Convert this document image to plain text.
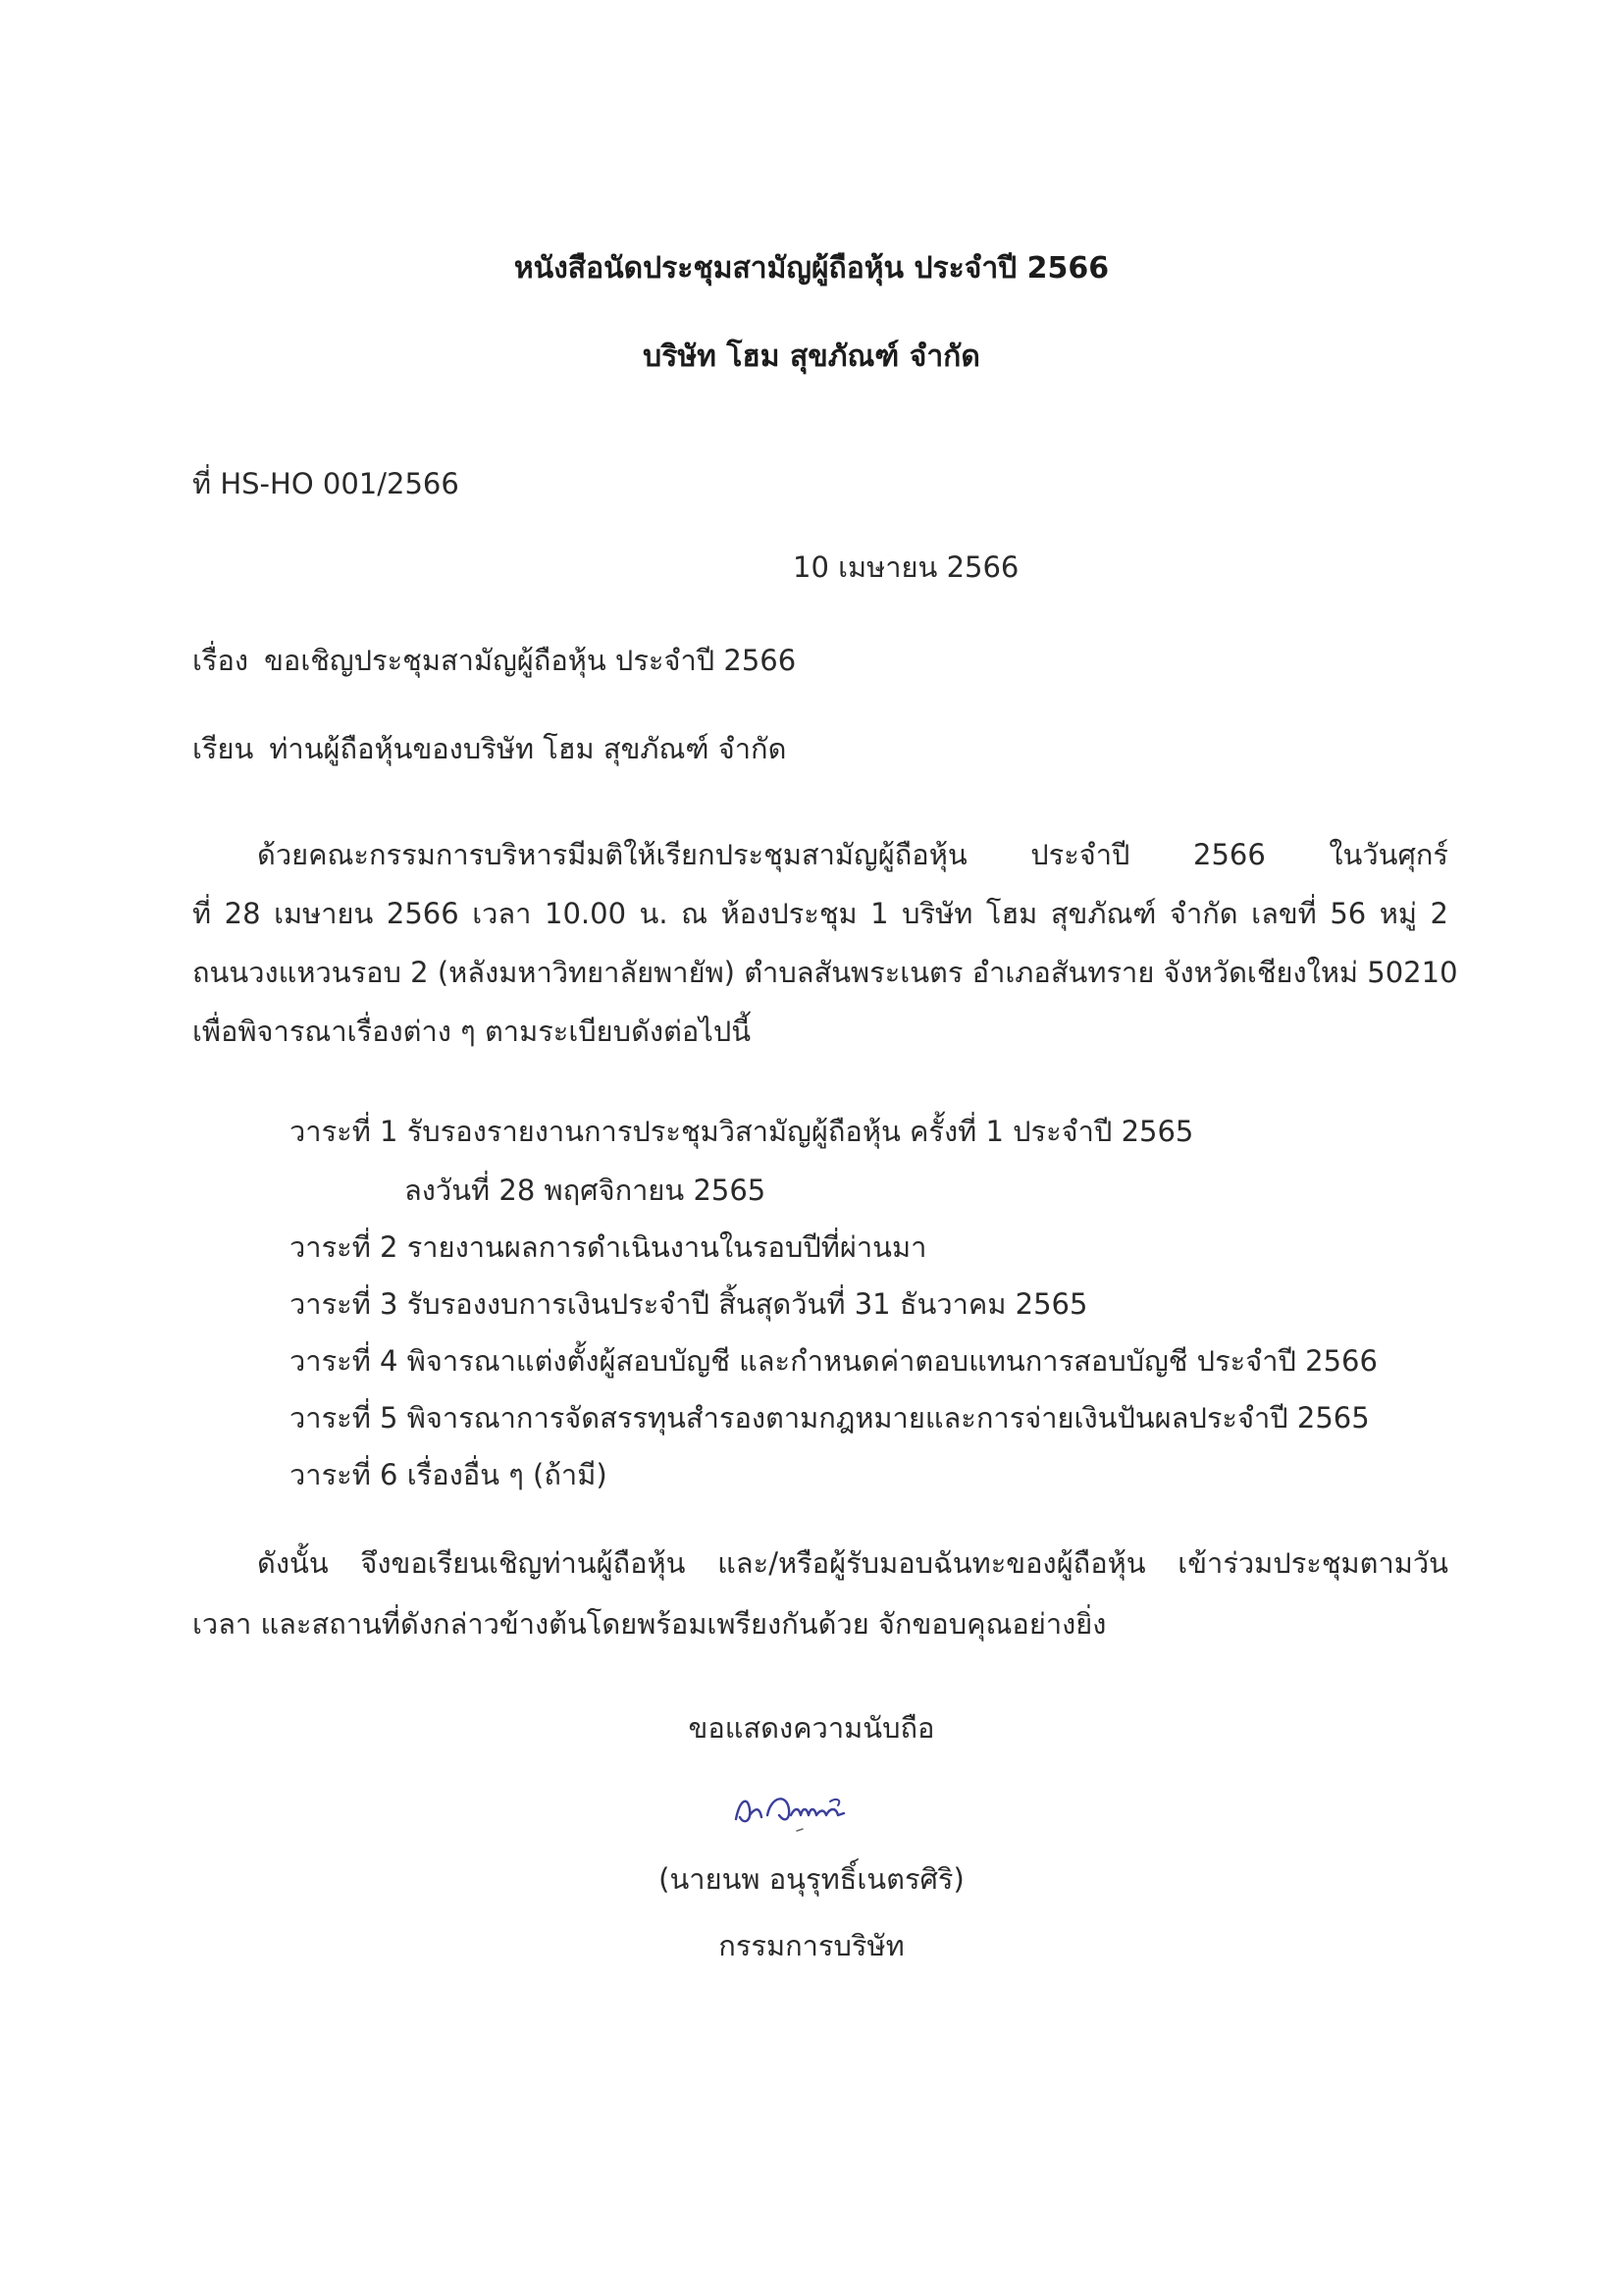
หนังสือนัดประชุมสามัญผู้ถือหุ้น ประจำปี 2566
บริษัท โฮม สุขภัณฑ์ จำกัด
ที่ HS-HO 001/2566
10 เมษายน 2566
เรื่อง ขอเชิญประชุมสามัญผู้ถือหุ้น ประจำปี 2566
เรียน ท่านผู้ถือหุ้นของบริษัท โฮม สุขภัณฑ์ จำกัด
ด้วยคณะกรรมการบริหารมีมติให้เรียกประชุมสามัญผู้ถือหุ้น ประจำปี 2566 ในวันศุกร์
ที่ 28 เมษายน 2566 เวลา 10.00 น. ณ ห้องประชุม 1 บริษัท โฮม สุขภัณฑ์ จำกัด เลขที่ 56 หมู่ 2
ถนนวงแหวนรอบ 2 (หลังมหาวิทยาลัยพายัพ) ตำบลสันพระเนตร อำเภอสันทราย จังหวัดเชียงใหม่ 50210
เพื่อพิจารณาเรื่องต่าง ๆ ตามระเบียบดังต่อไปนี้
วาระที่ 1 รับรองรายงานการประชุมวิสามัญผู้ถือหุ้น ครั้งที่ 1 ประจำปี 2565
ลงวันที่ 28 พฤศจิกายน 2565
วาระที่ 2 รายงานผลการดำเนินงานในรอบปีที่ผ่านมา
วาระที่ 3 รับรองงบการเงินประจำปี สิ้นสุดวันที่ 31 ธันวาคม 2565
วาระที่ 4 พิจารณาแต่งตั้งผู้สอบบัญชี และกำหนดค่าตอบแทนการสอบบัญชี ประจำปี 2566
วาระที่ 5 พิจารณาการจัดสรรทุนสำรองตามกฎหมายและการจ่ายเงินปันผลประจำปี 2565
วาระที่ 6 เรื่องอื่น ๆ (ถ้ามี)
ดังนั้น จึงขอเรียนเชิญท่านผู้ถือหุ้น และ/หรือผู้รับมอบฉันทะของผู้ถือหุ้น เข้าร่วมประชุมตามวัน
เวลา และสถานที่ดังกล่าวข้างต้นโดยพร้อมเพรียงกันด้วย จักขอบคุณอย่างยิ่ง
ขอแสดงความนับถือ
(นายนพ อนุรุทธิ์เนตรศิริ)
กรรมการบริษัท
